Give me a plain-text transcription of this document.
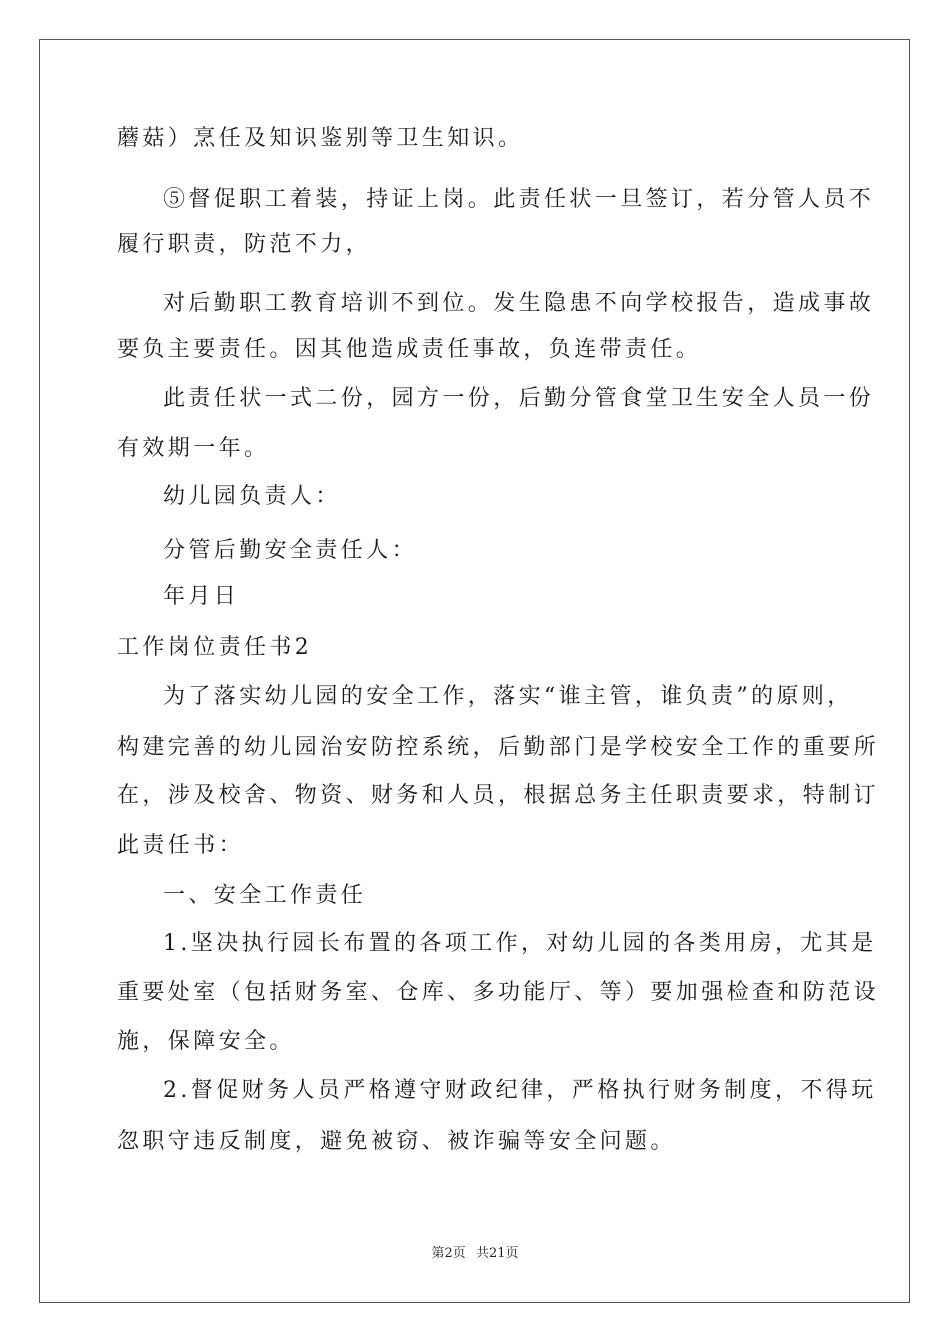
蘑菇）烹任及知识鉴别等卫生知识。
⑤督促职工着装，持证上岗。此责任状一旦签订，若分管人员不
履行职责，防范不力，
对后勤职工教育培训不到位。发生隐患不向学校报告，造成事故
要负主要责任。因其他造成责任事故，负连带责任。
此责任状一式二份，园方一份，后勤分管食堂卫生安全人员一份
有效期一年。
幼儿园负责人：
分管后勤安全责任人：
年月日
工作岗位责任书2
为了落实幼儿园的安全工作，落实“谁主管，谁负责”的原则，
构建完善的幼儿园治安防控系统，后勤部门是学校安全工作的重要所
在，涉及校舍、物资、财务和人员，根据总务主任职责要求，特制订
此责任书：
一、安全工作责任
1.坚决执行园长布置的各项工作，对幼儿园的各类用房，尤其是
重要处室（包括财务室、仓库、多功能厅、等）要加强检查和防范设
施，保障安全。
2.督促财务人员严格遵守财政纪律，严格执行财务制度，不得玩
忽职守违反制度，避免被窃、被诈骗等安全问题。
第2页 共21页
